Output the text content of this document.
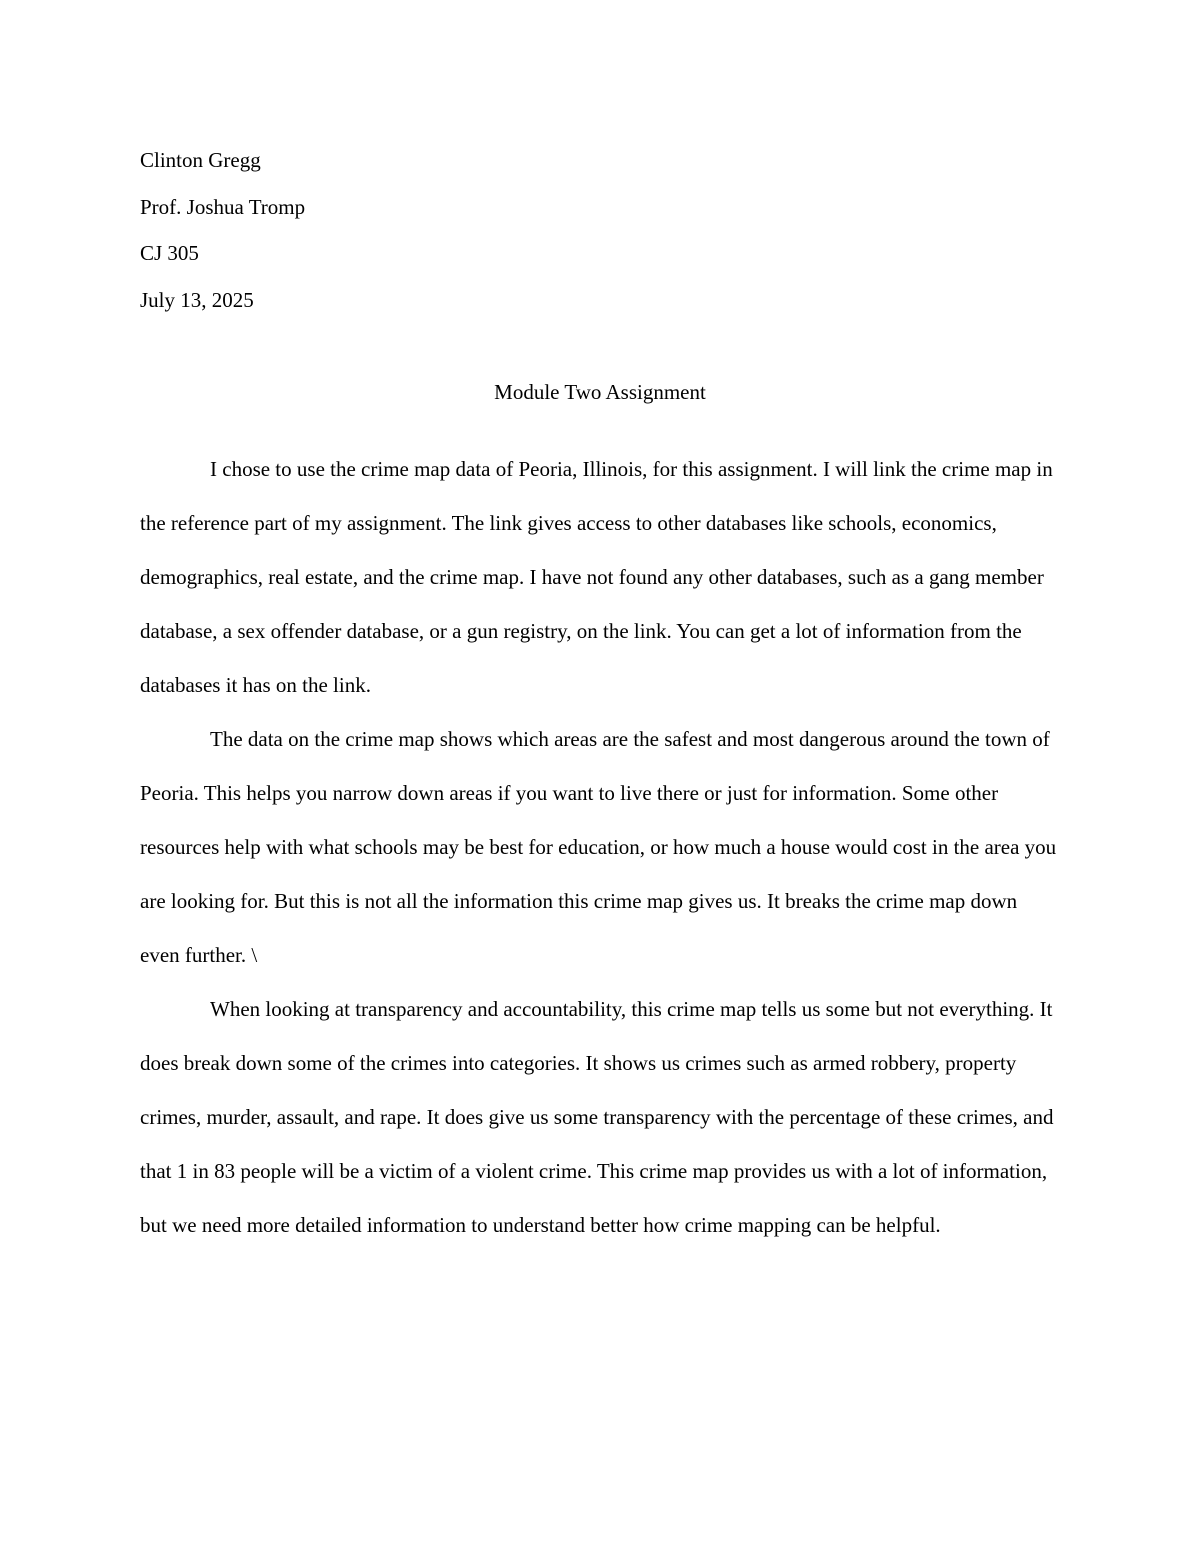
Clinton Gregg

Prof. Joshua Tromp

CJ 305

July 13, 2025

Module Two Assignment

I chose to use the crime map data of Peoria, Illinois, for this assignment. I will link the crime map in the reference part of my assignment. The link gives access to other databases like schools, economics, demographics, real estate, and the crime map. I have not found any other databases, such as a gang member database, a sex offender database, or a gun registry, on the link. You can get a lot of information from the databases it has on the link.

The data on the crime map shows which areas are the safest and most dangerous around the town of Peoria. This helps you narrow down areas if you want to live there or just for information. Some other resources help with what schools may be best for education, or how much a house would cost in the area you are looking for. But this is not all the information this crime map gives us. It breaks the crime map down even further. \

When looking at transparency and accountability, this crime map tells us some but not everything. It does break down some of the crimes into categories. It shows us crimes such as armed robbery, property crimes, murder, assault, and rape. It does give us some transparency with the percentage of these crimes, and that 1 in 83 people will be a victim of a violent crime. This crime map provides us with a lot of information, but we need more detailed information to understand better how crime mapping can be helpful.
